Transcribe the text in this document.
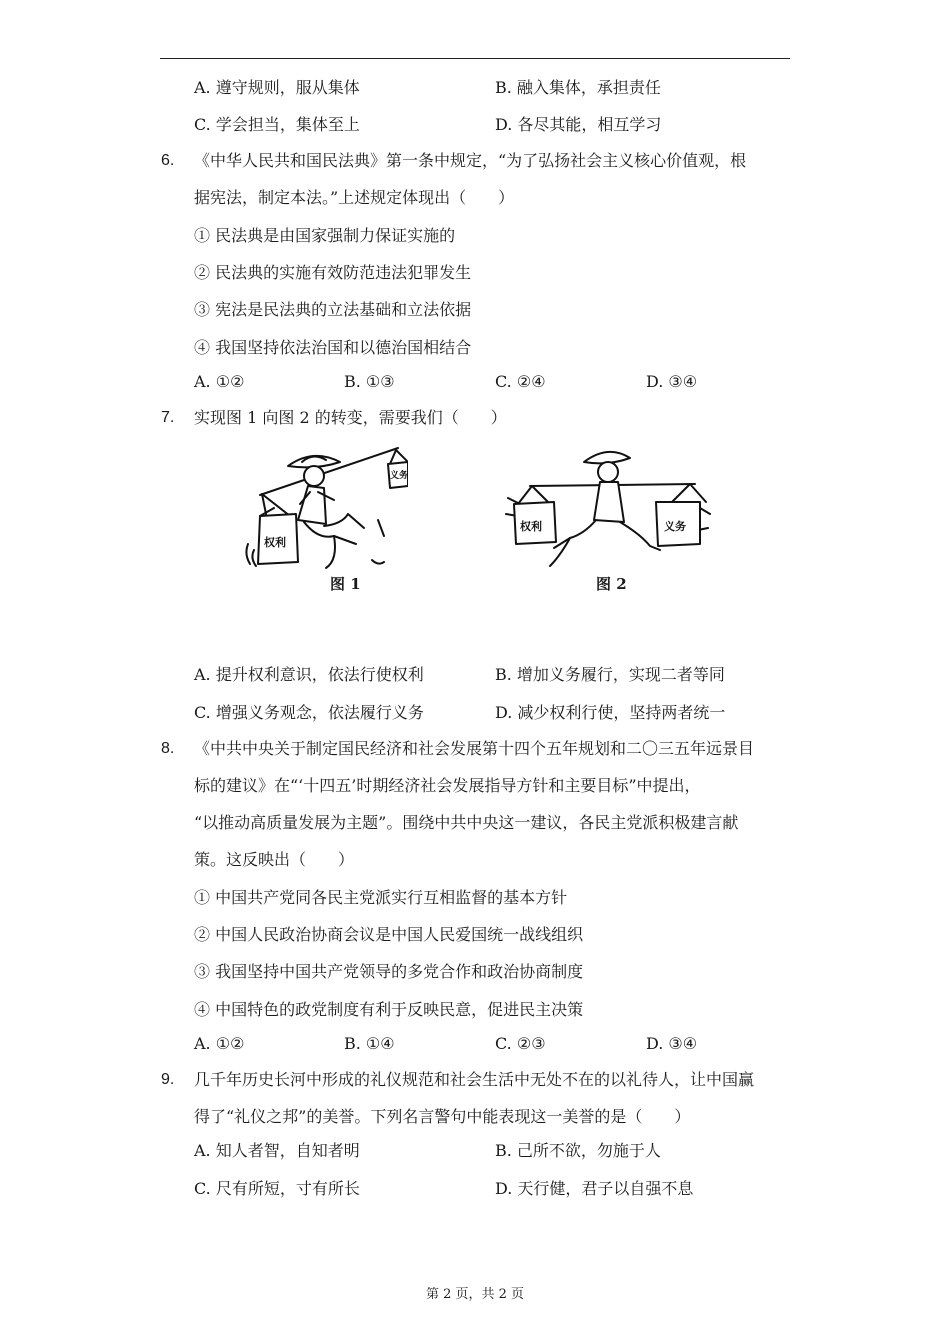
A. 遵守规则，服从集体	B. 融入集体，承担责任
C. 学会担当，集体至上	D. 各尽其能，相互学习
6. 《中华人民共和国民法典》第一条中规定，“为了弘扬社会主义核心价值观，根
据宪法，制定本法。”上述规定体现出（　　）
① 民法典是由国家强制力保证实施的
② 民法典的实施有效防范违法犯罪发生
③ 宪法是民法典的立法基础和立法依据
④ 我国坚持依法治国和以德治国相结合
A. ①②	B. ①③	C. ②④	D. ③④
7. 实现图 1 向图 2 的转变，需要我们（　　）
权利
义务
图 1
权利	义务
图 2
A. 提升权利意识，依法行使权利	B. 增加义务履行，实现二者等同
C. 增强义务观念，依法履行义务	D. 减少权利行使，坚持两者统一
8. 《中共中央关于制定国民经济和社会发展第十四个五年规划和二〇三五年远景目
标的建议》在“‘十四五’时期经济社会发展指导方针和主要目标”中提出，
“以推动高质量发展为主题”。围绕中共中央这一建议，各民主党派积极建言献
策。这反映出（　　）
① 中国共产党同各民主党派实行互相监督的基本方针
② 中国人民政治协商会议是中国人民爱国统一战线组织
③ 我国坚持中国共产党领导的多党合作和政治协商制度
④ 中国特色的政党制度有利于反映民意，促进民主决策
A. ①②	B. ①④	C. ②③	D. ③④
9. 几千年历史长河中形成的礼仪规范和社会生活中无处不在的以礼待人，让中国赢
得了“礼仪之邦”的美誉。下列名言警句中能表现这一美誉的是（　　）
A. 知人者智，自知者明	B. 己所不欲，勿施于人
C. 尺有所短，寸有所长	D. 天行健，君子以自强不息
第 2 页，共 2 页
